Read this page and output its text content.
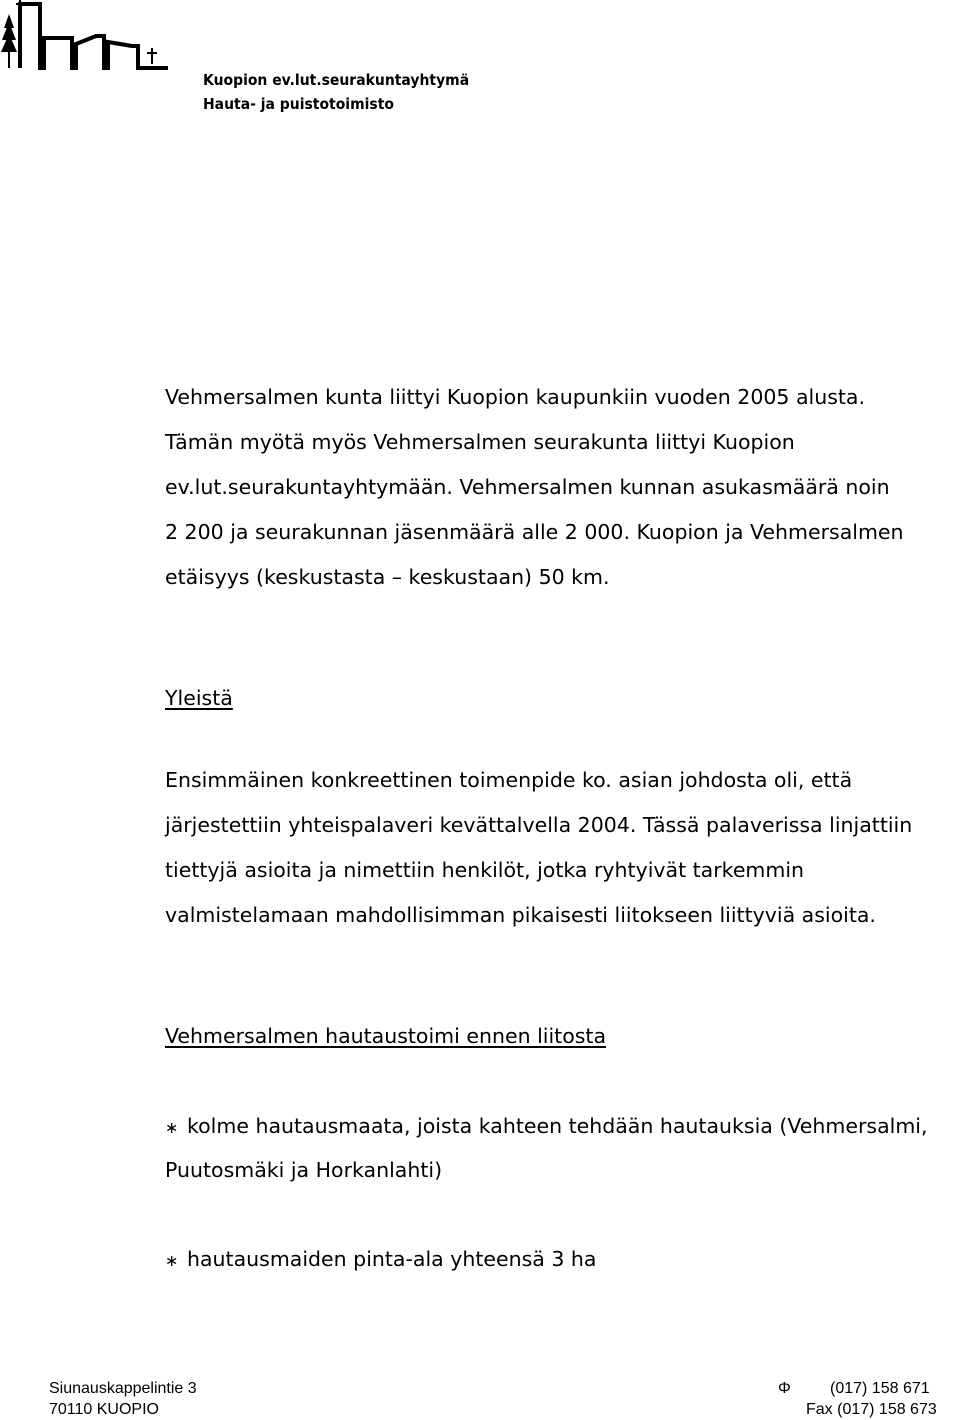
Kuopion ev.lut.seurakuntayhtymä
Hauta- ja puistotoimisto
Vehmersalmen kunta liittyi Kuopion kaupunkiin vuoden 2005 alusta.
Tämän myötä myös Vehmersalmen seurakunta liittyi Kuopion
ev.lut.seurakuntayhtymään. Vehmersalmen kunnan asukasmäärä noin
2 200 ja seurakunnan jäsenmäärä alle 2 000. Kuopion ja Vehmersalmen
etäisyys (keskustasta – keskustaan) 50 km.
Yleistä
Ensimmäinen konkreettinen toimenpide ko. asian johdosta oli, että
järjestettiin yhteispalaveri kevättalvella 2004. Tässä palaverissa linjattiin
tiettyjä asioita ja nimettiin henkilöt, jotka ryhtyivät tarkemmin
valmistelamaan mahdollisimman pikaisesti liitokseen liittyviä asioita.
Vehmersalmen hautaustoimi ennen liitosta
∗ kolme hautausmaata, joista kahteen tehdään hautauksia (Vehmersalmi,
Puutosmäki ja Horkanlahti)
∗ hautausmaiden pinta-ala yhteensä 3 ha
Siunauskappelintie 3
70110 KUOPIO
Φ (017) 158 671
Fax (017) 158 673
